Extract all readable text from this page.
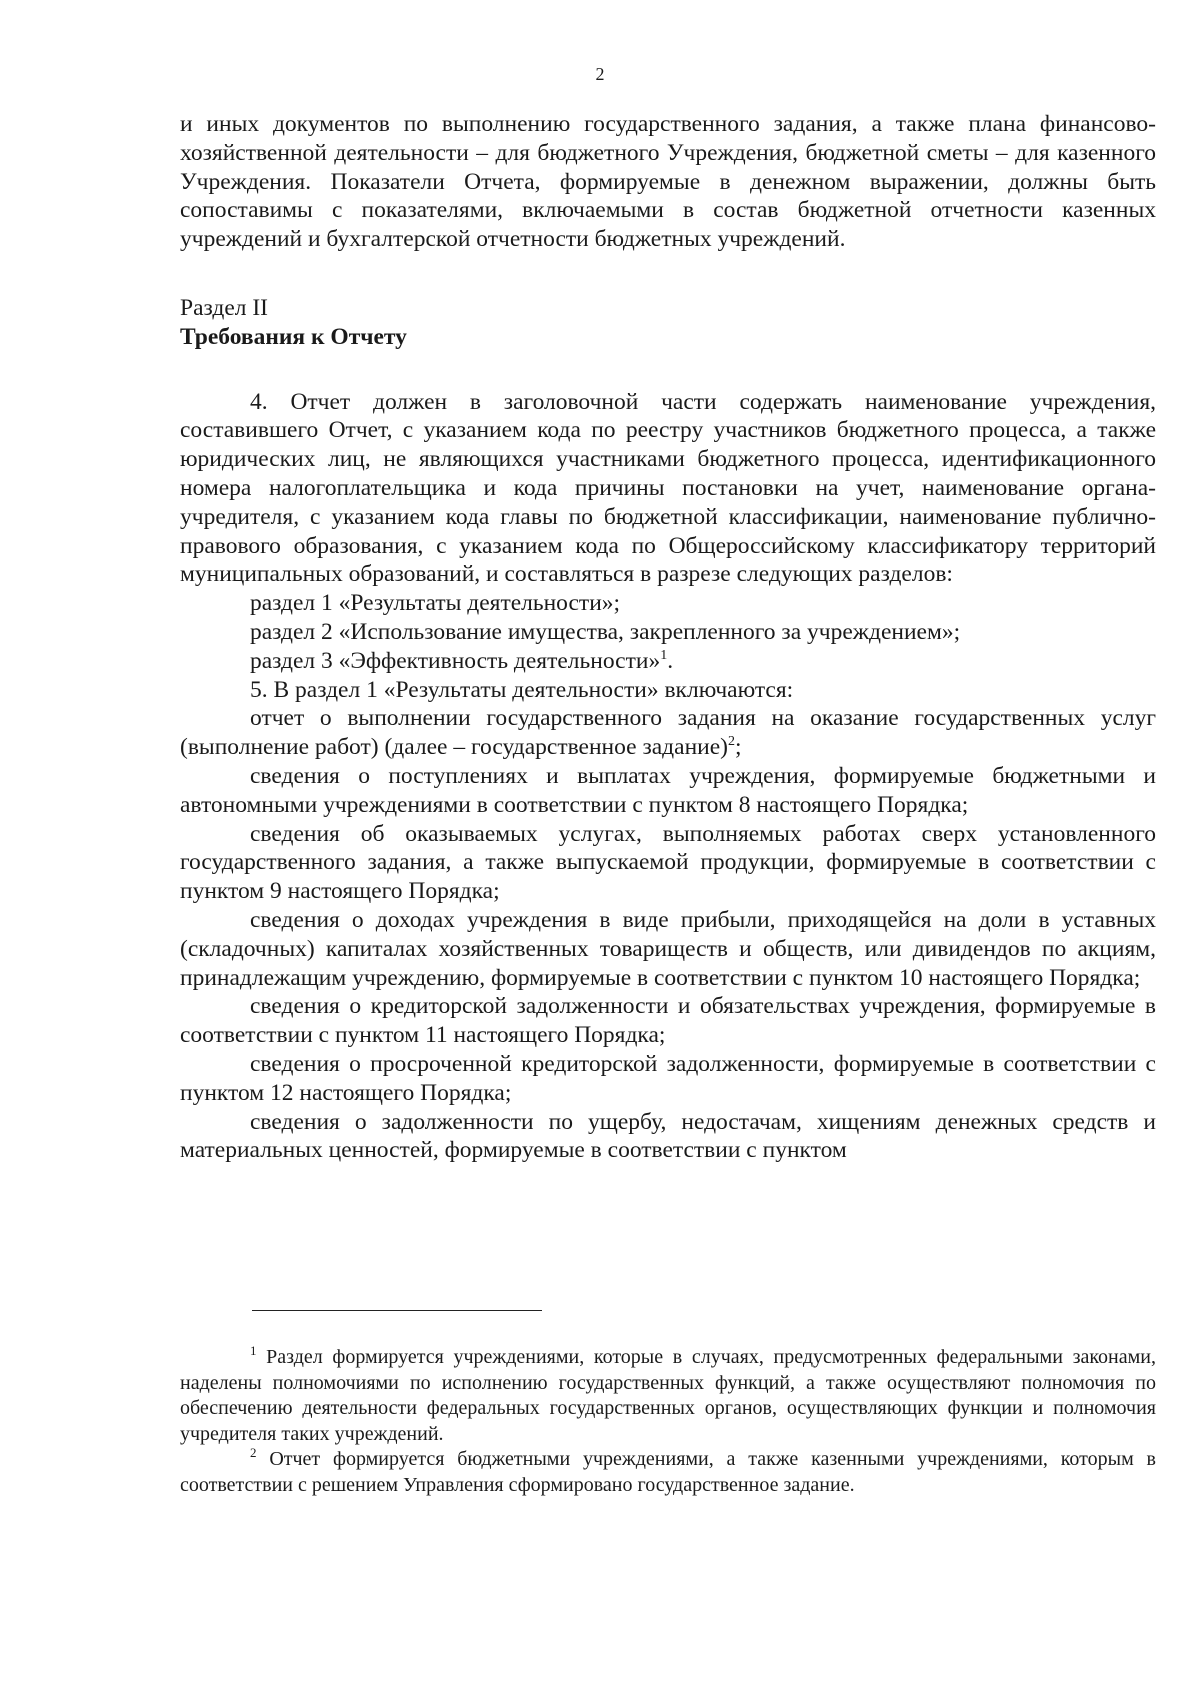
2

и иных документов по выполнению государственного задания, а также плана финансово-хозяйственной деятельности – для бюджетного Учреждения, бюджетной сметы – для казенного Учреждения. Показатели Отчета, формируемые в денежном выражении, должны быть сопоставимы с показателями, включаемыми в состав бюджетной отчетности казенных учреждений и бухгалтерской отчетности бюджетных учреждений.

Раздел II

Требования к Отчету

4. Отчет должен в заголовочной части содержать наименование учреждения, составившего Отчет, с указанием кода по реестру участников бюджетного процесса, а также юридических лиц, не являющихся участниками бюджетного процесса, идентификационного номера налогоплательщика и кода причины постановки на учет, наименование органа-учредителя, с указанием кода главы по бюджетной классификации, наименование публично-правового образования, с указанием кода по Общероссийскому классификатору территорий муниципальных образований, и составляться в разрезе следующих разделов:

раздел 1 «Результаты деятельности»;

раздел 2 «Использование имущества, закрепленного за учреждением»;

раздел 3 «Эффективность деятельности»$^1$.

5. В раздел 1 «Результаты деятельности» включаются:

отчет о выполнении государственного задания на оказание государственных услуг (выполнение работ) (далее – государственное задание)$^2$;

сведения о поступлениях и выплатах учреждения, формируемые бюджетными и автономными учреждениями в соответствии с пунктом 8 настоящего Порядка;

сведения об оказываемых услугах, выполняемых работах сверх установленного государственного задания, а также выпускаемой продукции, формируемые в соответствии с пунктом 9 настоящего Порядка;

сведения о доходах учреждения в виде прибыли, приходящейся на доли в уставных (складочных) капиталах хозяйственных товариществ и обществ, или дивидендов по акциям, принадлежащим учреждению, формируемые в соответствии с пунктом 10 настоящего Порядка;

сведения о кредиторской задолженности и обязательствах учреждения, формируемые в соответствии с пунктом 11 настоящего Порядка;

сведения о просроченной кредиторской задолженности, формируемые в соответствии с пунктом 12 настоящего Порядка;

сведения о задолженности по ущербу, недостачам, хищениям денежных средств и материальных ценностей, формируемые в соответствии с пунктом

$^1$ Раздел формируется учреждениями, которые в случаях, предусмотренных федеральными законами, наделены полномочиями по исполнению государственных функций, а также осуществляют полномочия по обеспечению деятельности федеральных государственных органов, осуществляющих функции и полномочия учредителя таких учреждений.

$^2$ Отчет формируется бюджетными учреждениями, а также казенными учреждениями, которым в соответствии с решением Управления сформировано государственное задание.
